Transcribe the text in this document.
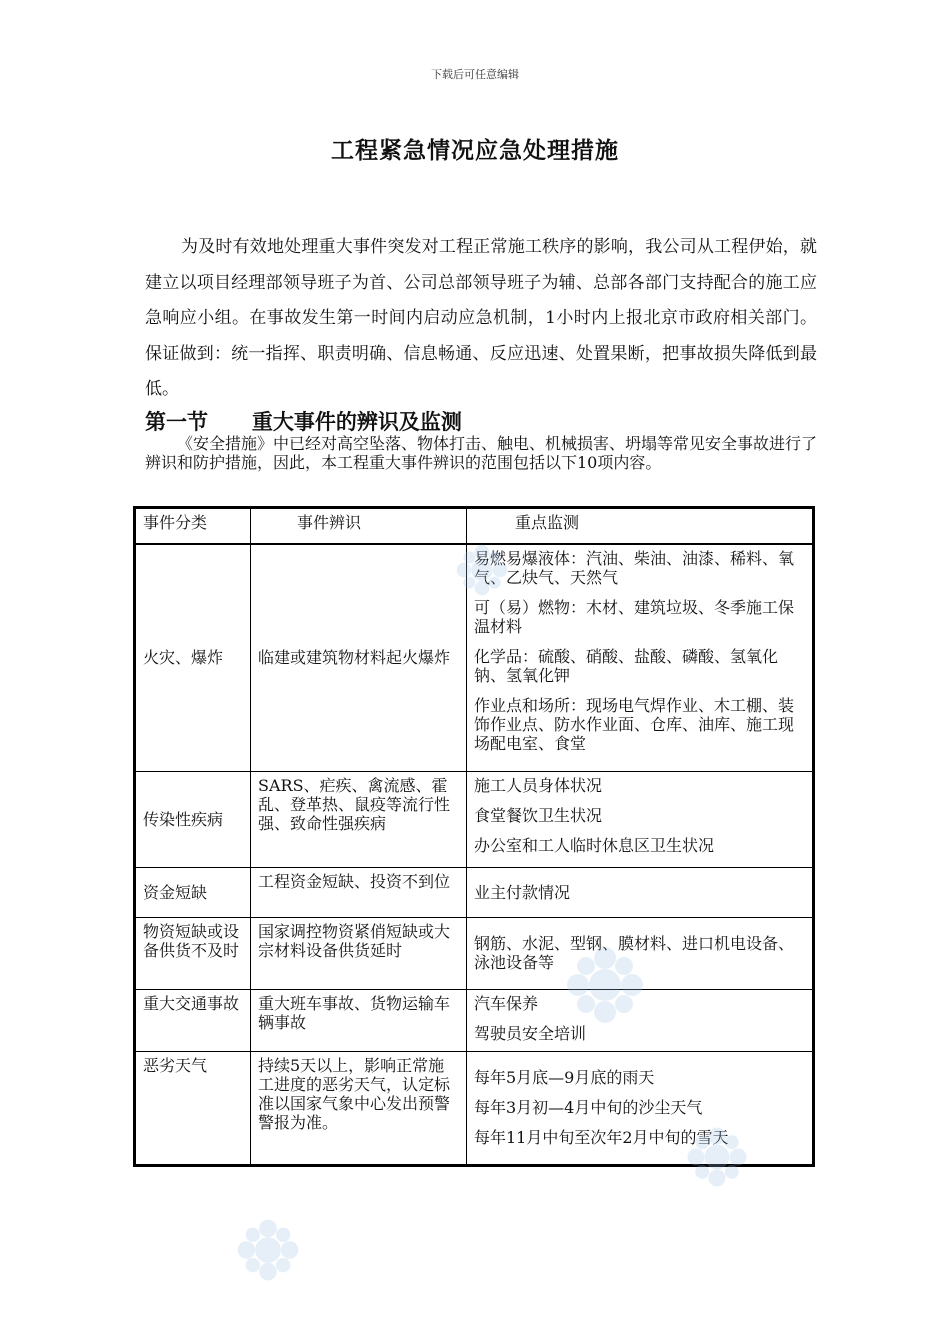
下载后可任意编辑
工程紧急情况应急处理措施

为及时有效地处理重大事件突发对工程正常施工秩序的影响，我公司从工程伊始，就建立以项目经理部领导班子为首、公司总部领导班子为辅、总部各部门支持配合的施工应急响应小组。在事故发生第一时间内启动应急机制，1小时内上报北京市政府相关部门。保证做到：统一指挥、职责明确、信息畅通、反应迅速、处置果断，把事故损失降低到最低。

第一节 重大事件的辨识及监测

《安全措施》中已经对高空坠落、物体打击、触电、机械损害、坍塌等常见安全事故进行了辨识和防护措施，因此，本工程重大事件辨识的范围包括以下10项内容。

事件分类	事件辨识	重点监测
火灾、爆炸	临建或建筑物材料起火爆炸	易燃易爆液体：汽油、柴油、油漆、稀料、氧气、乙炔气、天然气

可（易）燃物：木材、建筑垃圾、冬季施工保温材料

化学品：硫酸、硝酸、盐酸、磷酸、氢氧化钠、氢氧化钾

作业点和场所：现场电气焊作业、木工棚、装饰作业点、防水作业面、仓库、油库、施工现场配电室、食堂

传染性疾病	SARS、疟疾、禽流感、霍乱、登革热、鼠疫等流行性强、致命性强疾病	施工人员身体状况

食堂餐饮卫生状况

办公室和工人临时休息区卫生状况

资金短缺	工程资金短缺、投资不到位	业主付款情况

物资短缺或设备供货不及时	国家调控物资紧俏短缺或大宗材料设备供货延时	钢筋、水泥、型钢、膜材料、进口机电设备、泳池设备等

重大交通事故	重大班车事故、货物运输车辆事故	汽车保养

驾驶员安全培训

恶劣天气	持续5天以上，影响正常施工进度的恶劣天气，认定标准以国家气象中心发出预警警报为准。	每年5月底—9月底的雨天

每年3月初—4月中旬的沙尘天气

每年11月中旬至次年2月中旬的雪天
